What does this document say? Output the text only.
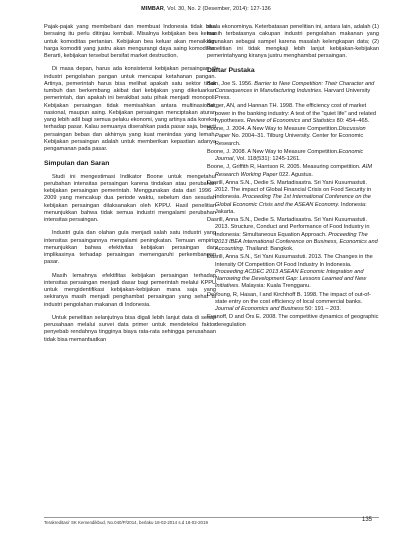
MIMBAR, Vol. 30, No. 2 (Desember, 2014): 127-136

Pajak-pajak yang membebani dan membuat Indonesia tidak bisa bersaing itu perlu ditinjau kembali. Misalnya kebijakan bea keluar untuk komoditas pertanian. Kebijakan bea keluar akan menaikkan harga komoditi yang justru akan mengurangi daya saing komoditas. Berarti, kebijakan tersebut bersifat market destruction.

Di masa depan, harus ada konsistensi kebijakan persaingan di industri pengolahan pangan untuk mencapai ketahanan pangan. Artinya, pemerintah harus bisa melihat apakah satu sektor tidak tumbuh dan berkembang akibat dari kebijakan yang dikeluarkan pemerintah, dan apakah ini berakibat satu pihak menjadi monopoli. Kebijakan persaingan tidak memisahkan antara multinasional, nasional, maupun asing. Kebijakan persaingan menciptakan aturan yang lebih adil bagi semua pelaku ekonomi, yang artinya ada koreksi terhadap pasar. Kalau semuanya diserahkan pada pasar saja, berarti persaingan bebas dan akhirnya yang kuat menindas yang lemah. Kebijakan persaingan adalah untuk memberikan kepastian adanya pengamanan pada pasar.

Simpulan dan Saran

Studi ini mengestimasi Indikator Boone untuk mengetahui perubahan intensitas persaingan karena tindakan atau perubahan kebijakan persaingan pemerintah. Menggunakan data dari 1996 - 2009 yang mencakup dua periode waktu, sebelum dan sesudah kebijakan persaingan dilaksanakan oleh KPPU. Hasil penelitian menunjukkan bahwa tidak semua industri mengalami perubahan intensitas persaingan.

Industri gula dan olahan gula menjadi salah satu industri yang intensitas persaingannya mengalami peningkatan. Temuan empiris menunjukkan bahwa efektivitas kebijakan persaingan dan implikasinya terhadap persaingan memengaruhi perkembangan pasar.

Masih lemahnya efektifitas kebijakan persaingan terhadap intensitas persaingan menjadi dasar bagi pemerintah melalui KPPU untuk mengidentifikasi kebijakan-kebijakan mana saja yang sekiranya masih menjadi penghambat persaingan yang sehat di industri pengolahan makanan di Indonesia.

Untuk penelitian selanjutnya bisa digali lebih lanjut data di setiap perusahaan melalui survei data primer untuk mendeteksi faktor penyebab rendahnya tingginya biaya rata-rata sehingga perusahaan tidak bisa memanfaatkan

skala ekonominya. Keterbatasan penelitian ini, antara lain, adalah (1) masih terbatasnya cakupan industri pengolahan makanan yang digunakan sebagai sampel karena masalah kelengkapan data; (2) Penelitian ini tidak mengkaji lebih lanjut kebijakan-kebijakan pemerintahyang kiranya justru menghambat persaingan.

Daftar Pustaka
Bain, Joe S. 1956. Barrier to New Competition: Their Character and Consequences in Manufacturing Industries. Harvard University Press.
Berger, AN, and Hannan TH. 1998. The efficiency cost of market power in the banking industry: A test of the "quiet life" and related hypotheses. Review of Economics and Statistics 80: 454–465.
Boone, J. 2004. A New Way to Measure Competition.Discussion Paper No. 2004–31. Tilburg University. Center for Economic Research.
Boone, J. 2008. A New Way to Measure Competition.Economic Journal, Vol. 118(531): 1245-1261.
Boone, J, Griffith R, Harrison R. 2005. Measuring competition. AIM Research Working Paper 022. Agustus.
Dasrill, Anna S.N., Dedie S. Martadisastra. Sri Yani Kusumastuti. 2012. The impact of Global Financial Crisis on Food Security in Indonesia. Proceeding The 1st International Conference on the Global Economic Crisis and the ASEAN Economy. Indonesia: Jakarta.
Dasrill, Anna S.N., Dedie S. Martadisastra. Sri Yani Kusumastuti. 2013. Structure, Conduct and Performance of Food Industry in Indonesia: Simultaneous Equation Approach. Proceeding The 2013 IBEA International Conference on Business, Economics and Accounting. Thailand: Bangkok.
Dasrill, Anna S.N., Sri Yani Kusumastuti. 2013. The Changes in the Intensity Of Competition Of Food Industry In Indonesia. Proceeding ACDEC 2013 ASEAN Economic Integration and Narrowing the Development Gap: Lessons Learned and New Initiatives. Malaysia: Kuala Trengganu.
DeYoung, R, Hasan, I and Kirchhoff B. 1998. The impact of out-of-state entry on the cost efficiency of local commercial banks. Journal of Economics and Business 50: 191 – 203.
Evanoff, D and Örs E. 2008. The competitive dynamics of geographic deregulation
Terakreditasi' SK Kemendikbud, No.040/P/2014, berlaku 18-02-2014 s.d 18-02-2019	135
